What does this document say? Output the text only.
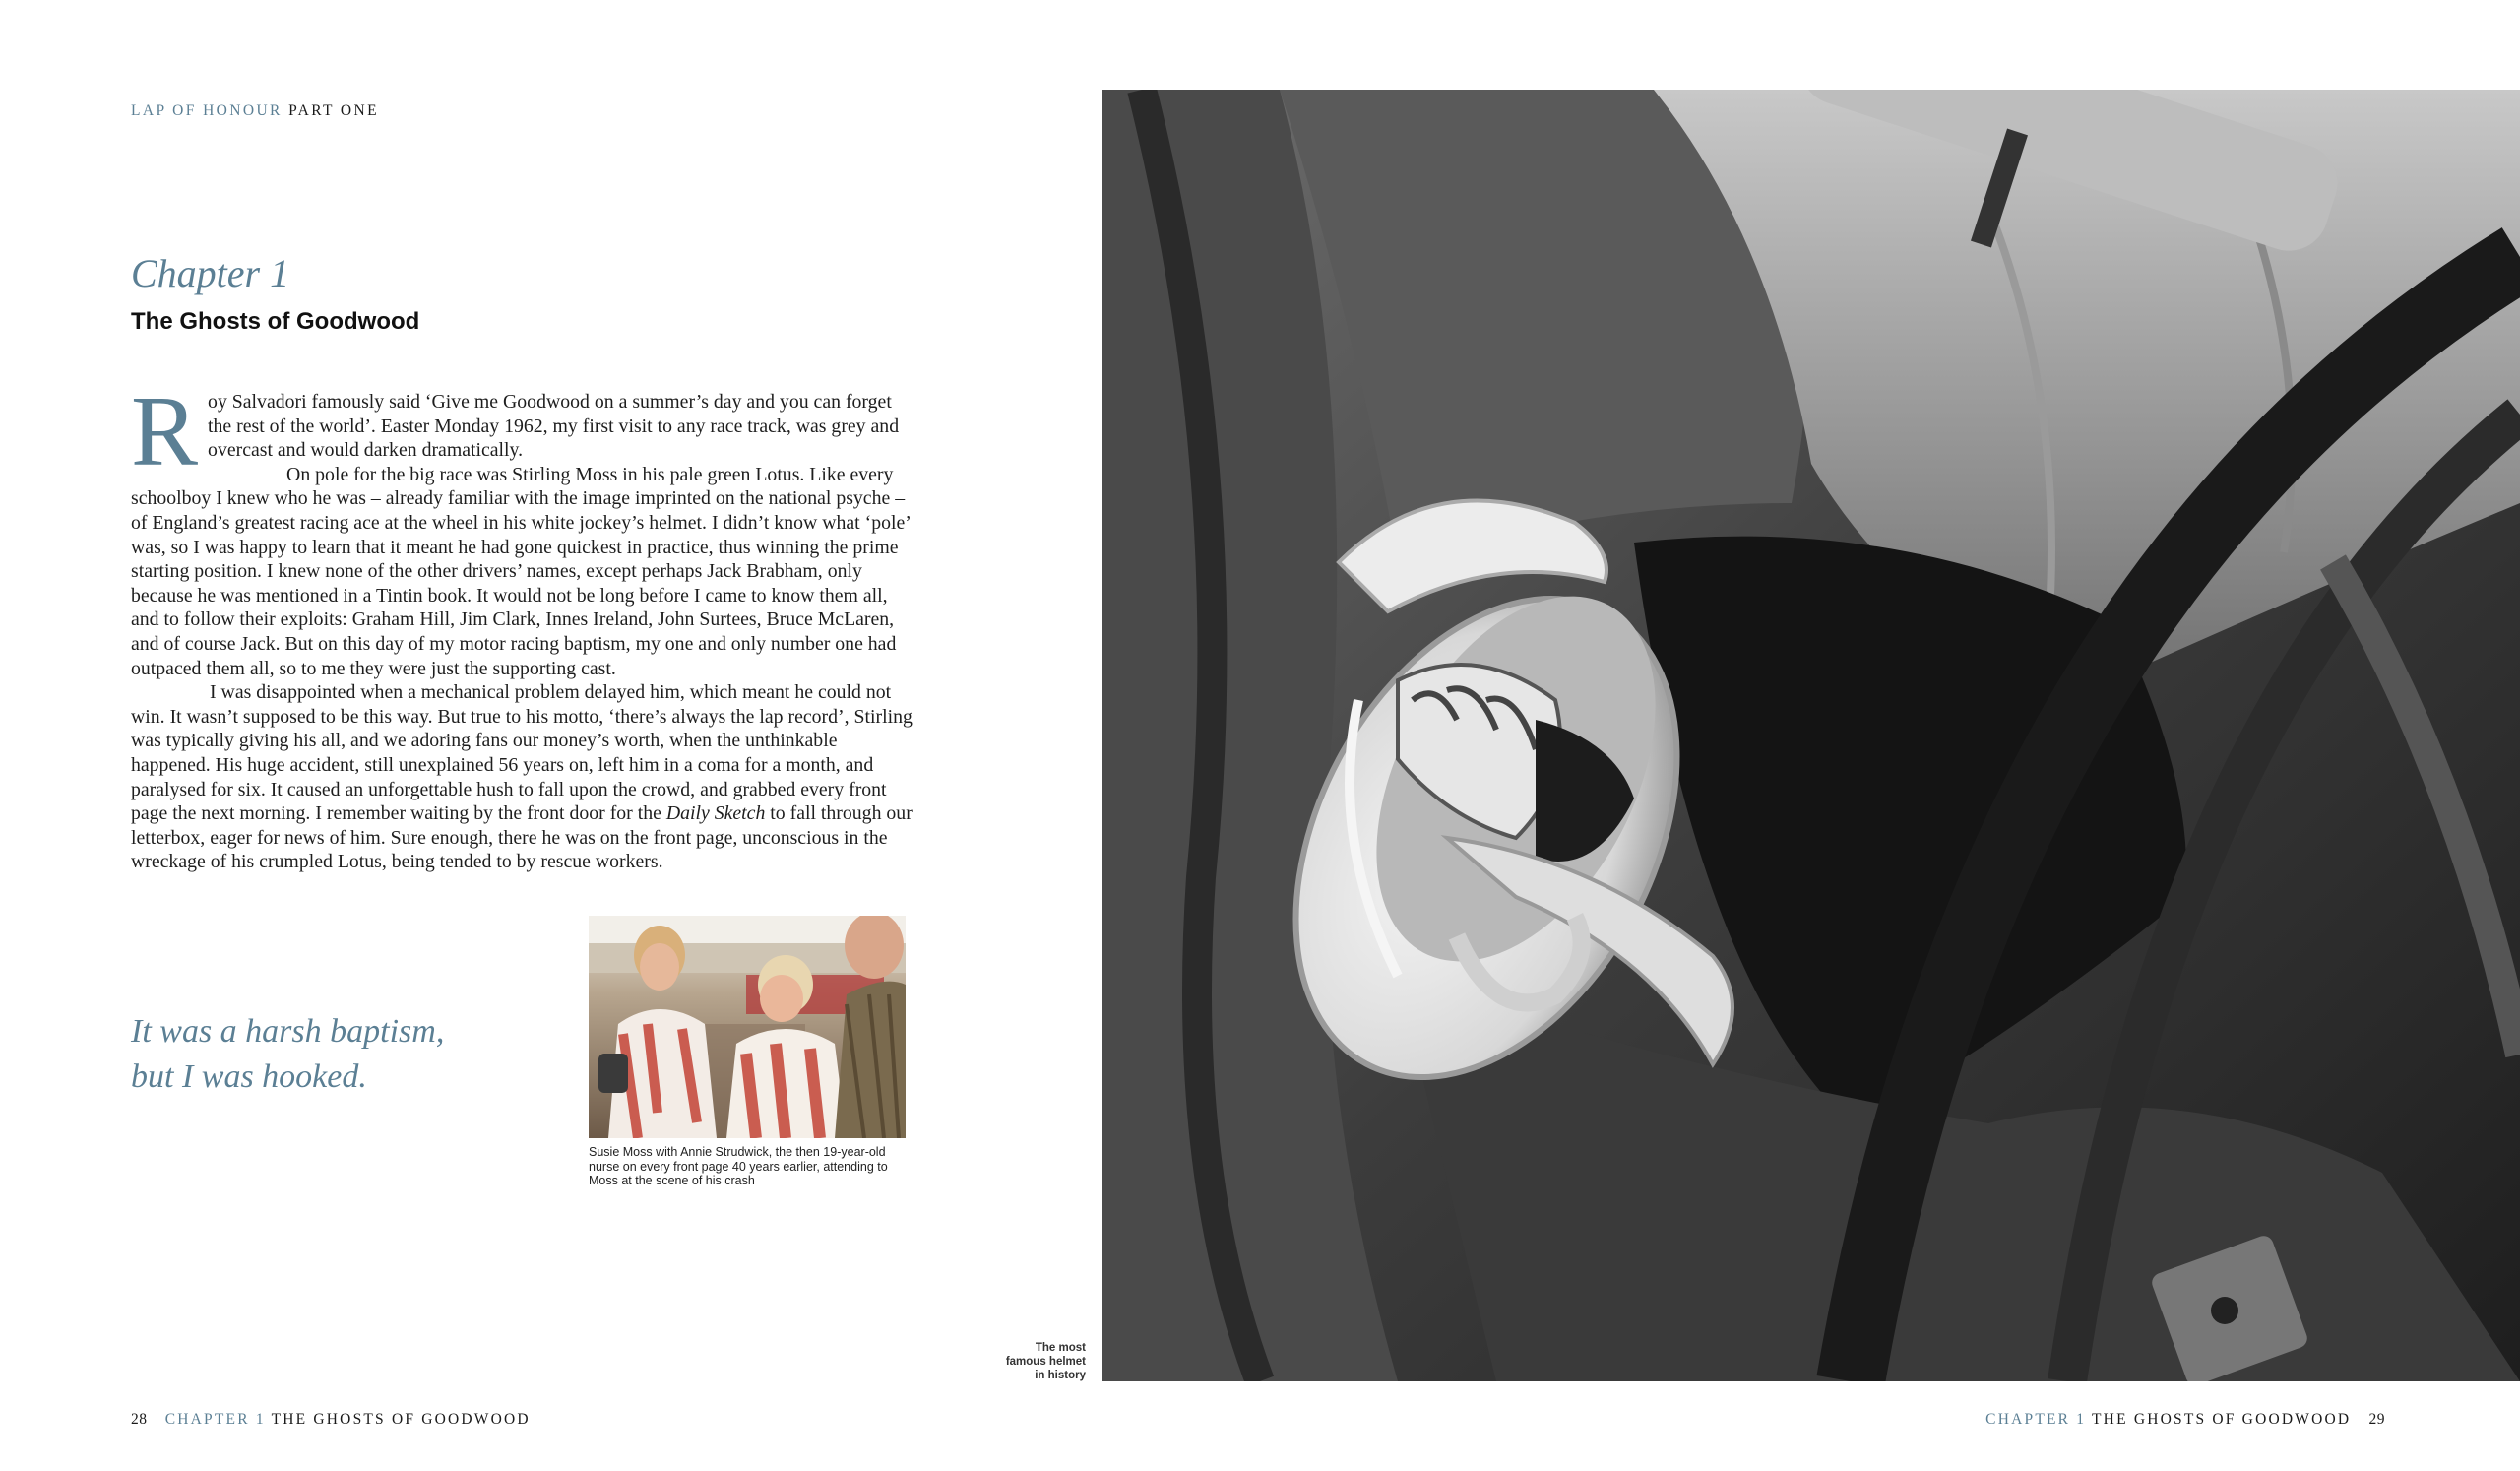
LAP OF HONOUR PART ONE
Chapter 1
The Ghosts of Goodwood

Roy Salvadori famously said ‘Give me Goodwood on a summer’s day and you can forget the rest of the world’. Easter Monday 1962, my first visit to any race track, was grey and overcast and would darken dramatically.

On pole for the big race was Stirling Moss in his pale green Lotus. Like every schoolboy I knew who he was – already familiar with the image imprinted on the national psyche – of England’s greatest racing ace at the wheel in his white jockey’s helmet. I didn’t know what ‘pole’ was, so I was happy to learn that it meant he had gone quickest in practice, thus winning the prime starting position. I knew none of the other drivers’ names, except perhaps Jack Brabham, only because he was mentioned in a Tintin book. It would not be long before I came to know them all, and to follow their exploits: Graham Hill, Jim Clark, Innes Ireland, John Surtees, Bruce McLaren, and of course Jack. But on this day of my motor racing baptism, my one and only number one had outpaced them all, so to me they were just the supporting cast.

I was disappointed when a mechanical problem delayed him, which meant he could not win. It wasn’t supposed to be this way. But true to his motto, ‘there’s always the lap record’, Stirling was typically giving his all, and we adoring fans our money’s worth, when the unthinkable happened. His huge accident, still unexplained 56 years on, left him in a coma for a month, and paralysed for six. It caused an unforgettable hush to fall upon the crowd, and grabbed every front page the next morning. I remember waiting by the front door for the Daily Sketch to fall through our letterbox, eager for news of him. Sure enough, there he was on the front page, unconscious in the wreckage of his crumpled Lotus, being tended to by rescue workers.

It was a harsh baptism,
but I was hooked.
Susie Moss with Annie Strudwick, the then 19-year-old nurse on every front page 40 years earlier, attending to Moss at the scene of his crash
The most
famous helmet
in history
28 CHAPTER 1 THE GHOSTS OF GOODWOOD	CHAPTER 1 THE GHOSTS OF GOODWOOD 29
